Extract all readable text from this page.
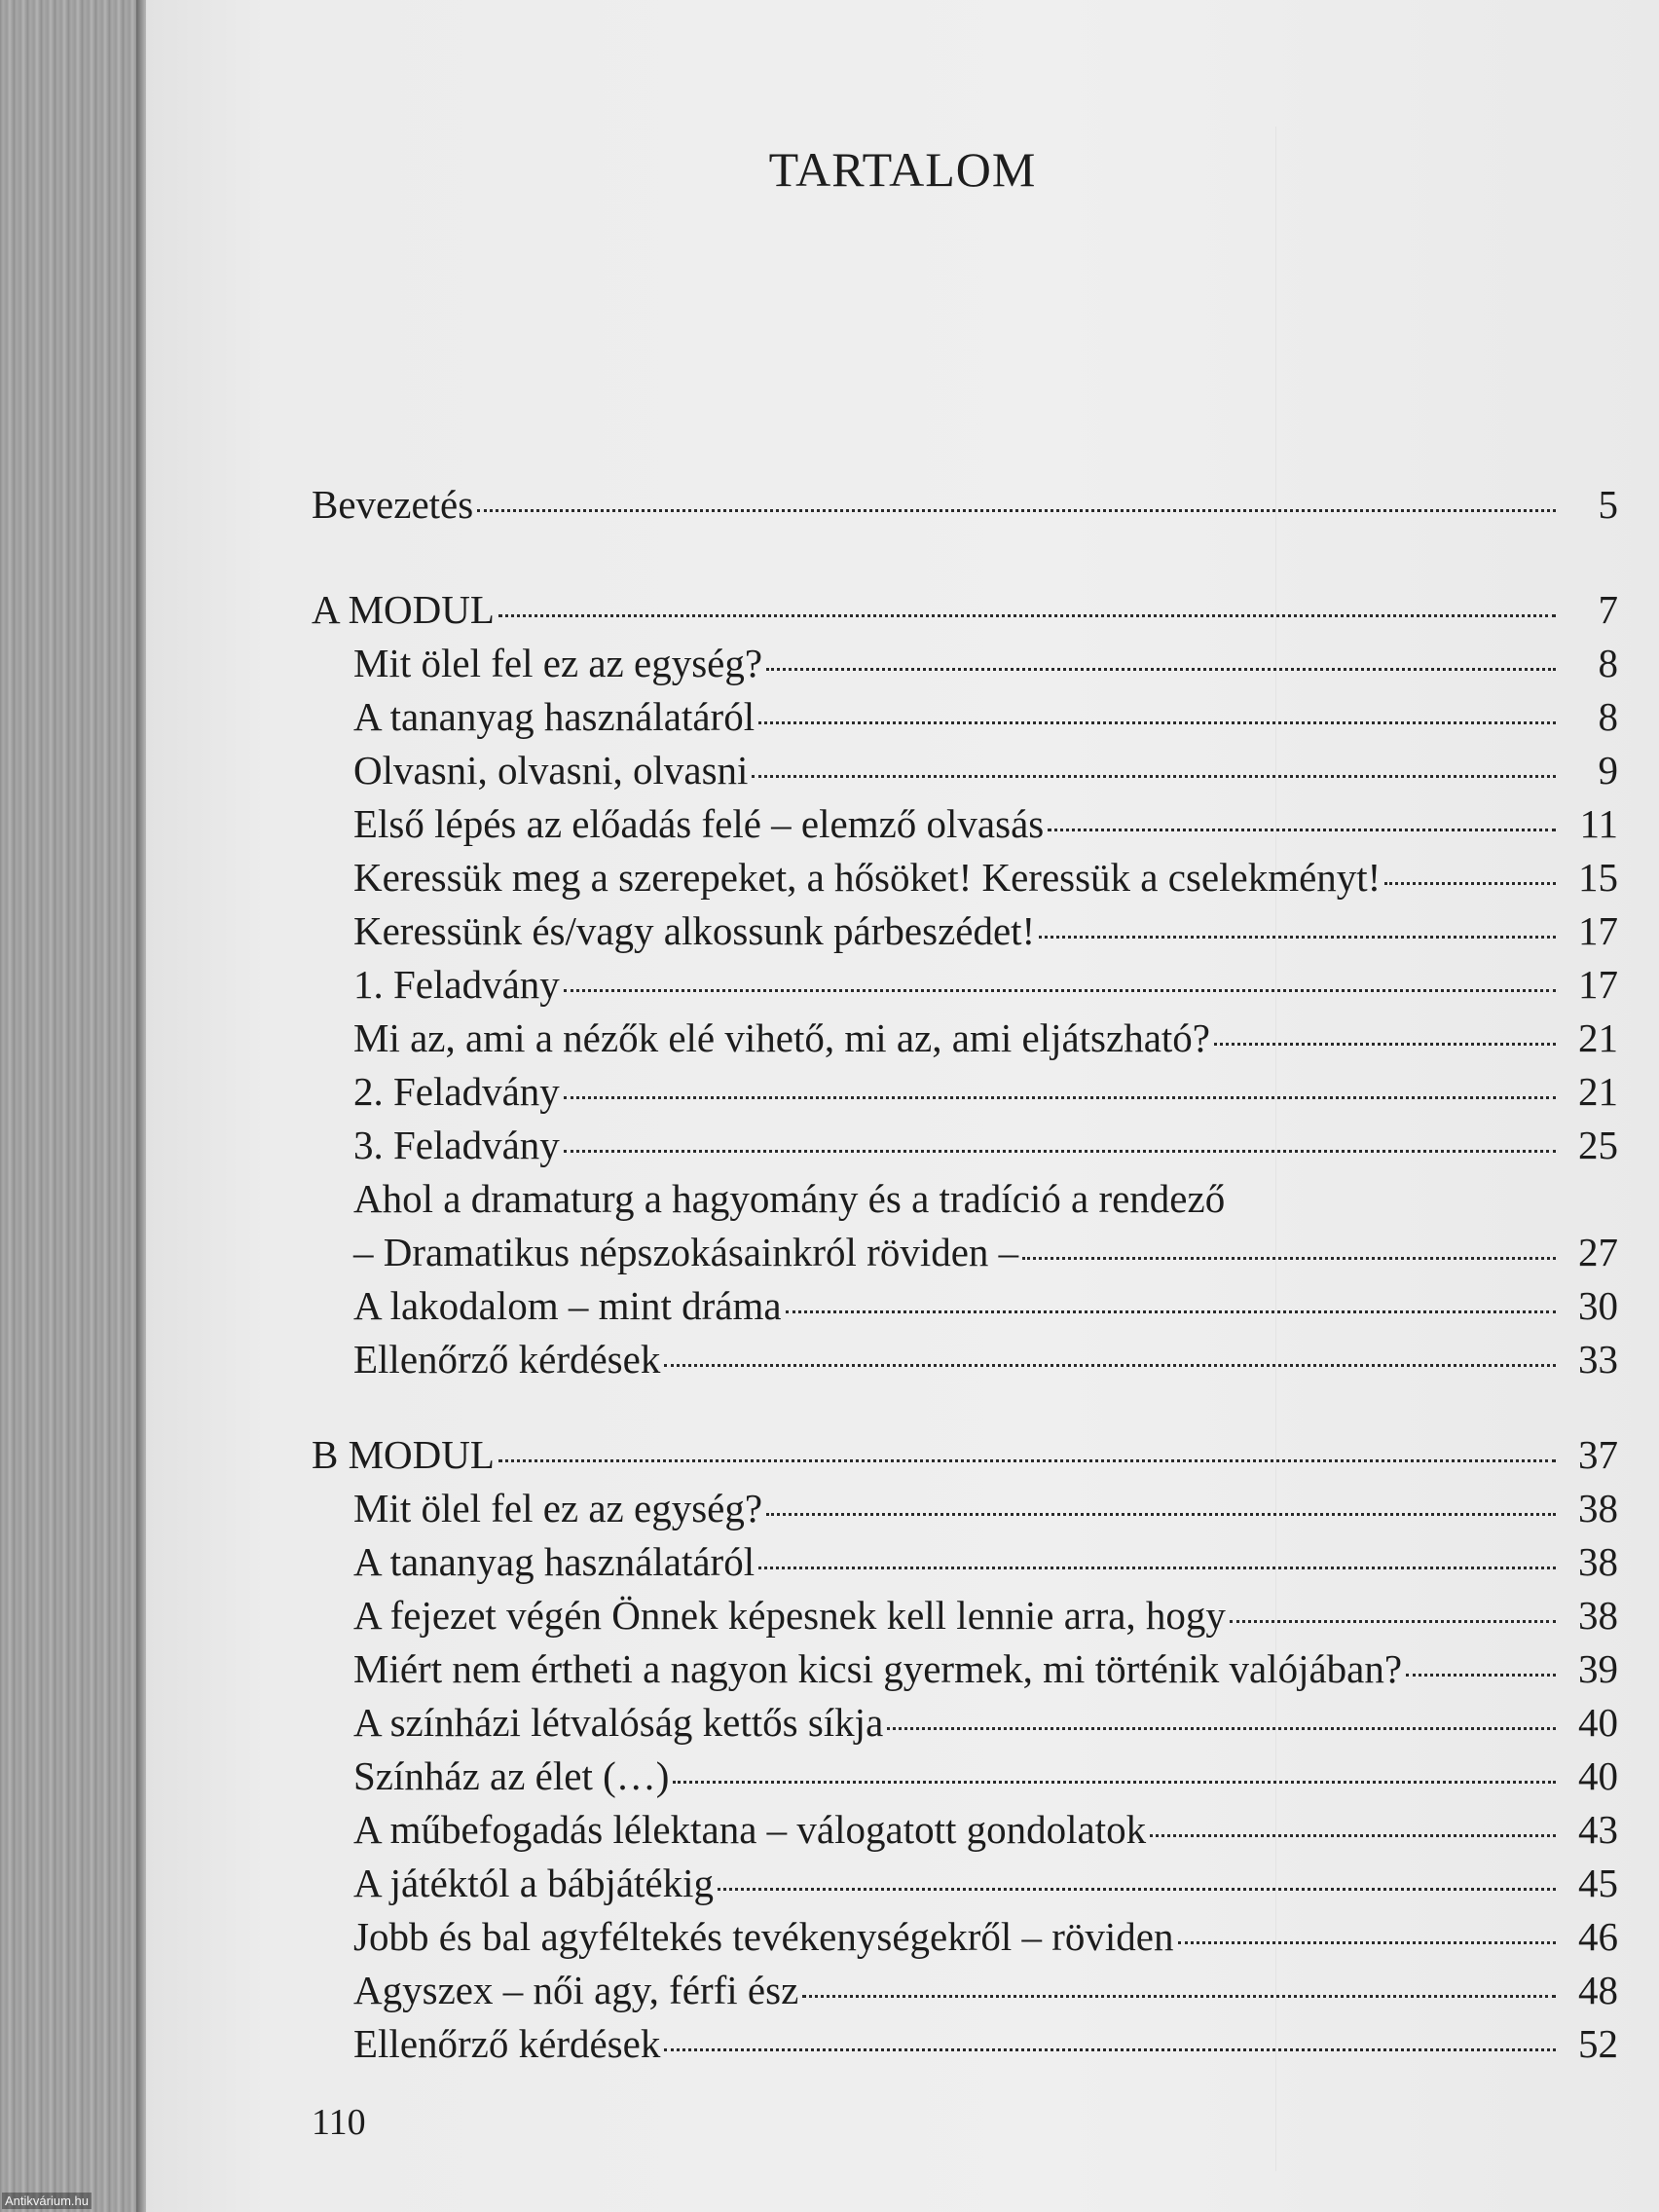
TARTALOM
Bevezetés	5
A MODUL	7
Mit ölel fel ez az egység?	8
A tananyag használatáról	8
Olvasni, olvasni, olvasni	9
Első lépés az előadás felé – elemző olvasás	11
Keressük meg a szerepeket, a hősöket! Keressük a cselekményt!	15
Keressünk és/vagy alkossunk párbeszédet!	17
1. Feladvány	17
Mi az, ami a nézők elé vihető, mi az, ami eljátszható?	21
2. Feladvány	21
3. Feladvány	25
Ahol a dramaturg a hagyomány és a tradíció a rendező
– Dramatikus népszokásainkról röviden –	27
A lakodalom – mint dráma	30
Ellenőrző kérdések	33
B MODUL	37
Mit ölel fel ez az egység?	38
A tananyag használatáról	38
A fejezet végén Önnek képesnek kell lennie arra, hogy	38
Miért nem értheti a nagyon kicsi gyermek, mi történik valójában?	39
A színházi létvalóság kettős síkja	40
Színház az élet (…)	40
A műbefogadás lélektana – válogatott gondolatok	43
A játéktól a bábjátékig	45
Jobb és bal agyféltekés tevékenységekről – röviden	46
Agyszex – női agy, férfi ész	48
Ellenőrző kérdések	52
110
Antikvárium.hu
